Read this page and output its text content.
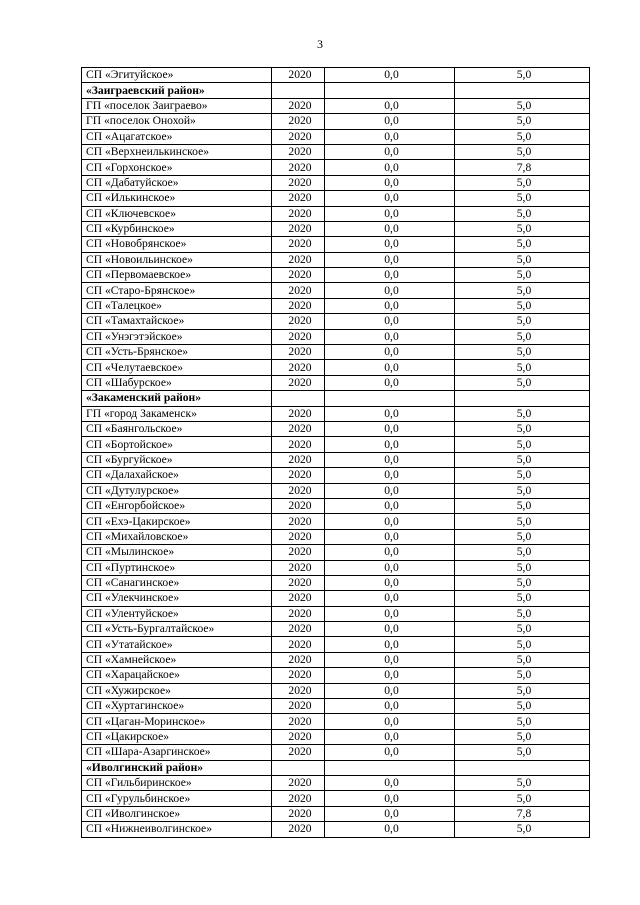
3
СП «Эгитуйское»	2020	0,0	5,0
«Заиграевский район»			
ГП «поселок Заиграево»	2020	0,0	5,0
ГП «поселок Онохой»	2020	0,0	5,0
СП «Ацагатское»	2020	0,0	5,0
СП «Верхнеилькинское»	2020	0,0	5,0
СП «Горхонское»	2020	0,0	7,8
СП «Дабатуйское»	2020	0,0	5,0
СП «Илькинское»	2020	0,0	5,0
СП «Ключевское»	2020	0,0	5,0
СП «Курбинское»	2020	0,0	5,0
СП «Новобрянское»	2020	0,0	5,0
СП «Новоильинское»	2020	0,0	5,0
СП «Первомаевское»	2020	0,0	5,0
СП «Старо-Брянское»	2020	0,0	5,0
СП «Талецкое»	2020	0,0	5,0
СП «Тамахтайское»	2020	0,0	5,0
СП «Унэгэтэйское»	2020	0,0	5,0
СП «Усть-Брянское»	2020	0,0	5,0
СП «Челутаевское»	2020	0,0	5,0
СП «Шабурское»	2020	0,0	5,0
«Закаменский район»			
ГП «город Закаменск»	2020	0,0	5,0
СП «Баянгольское»	2020	0,0	5,0
СП «Бортойское»	2020	0,0	5,0
СП «Бургуйское»	2020	0,0	5,0
СП «Далахайское»	2020	0,0	5,0
СП «Дутулурское»	2020	0,0	5,0
СП «Енгорбойское»	2020	0,0	5,0
СП «Ехэ-Цакирское»	2020	0,0	5,0
СП «Михайловское»	2020	0,0	5,0
СП «Мылинское»	2020	0,0	5,0
СП «Пуртинское»	2020	0,0	5,0
СП «Санагинское»	2020	0,0	5,0
СП «Улекчинское»	2020	0,0	5,0
СП «Улентуйское»	2020	0,0	5,0
СП «Усть-Бургалтайское»	2020	0,0	5,0
СП «Утатайское»	2020	0,0	5,0
СП «Хамнейское»	2020	0,0	5,0
СП «Харацайское»	2020	0,0	5,0
СП «Хужирское»	2020	0,0	5,0
СП «Хуртагинское»	2020	0,0	5,0
СП «Цаган-Моринское»	2020	0,0	5,0
СП «Цакирское»	2020	0,0	5,0
СП «Шара-Азаргинское»	2020	0,0	5,0
«Иволгинский район»			
СП «Гильбиринское»	2020	0,0	5,0
СП «Гурульбинское»	2020	0,0	5,0
СП «Иволгинское»	2020	0,0	7,8
СП «Нижнеиволгинское»	2020	0,0	5,0
